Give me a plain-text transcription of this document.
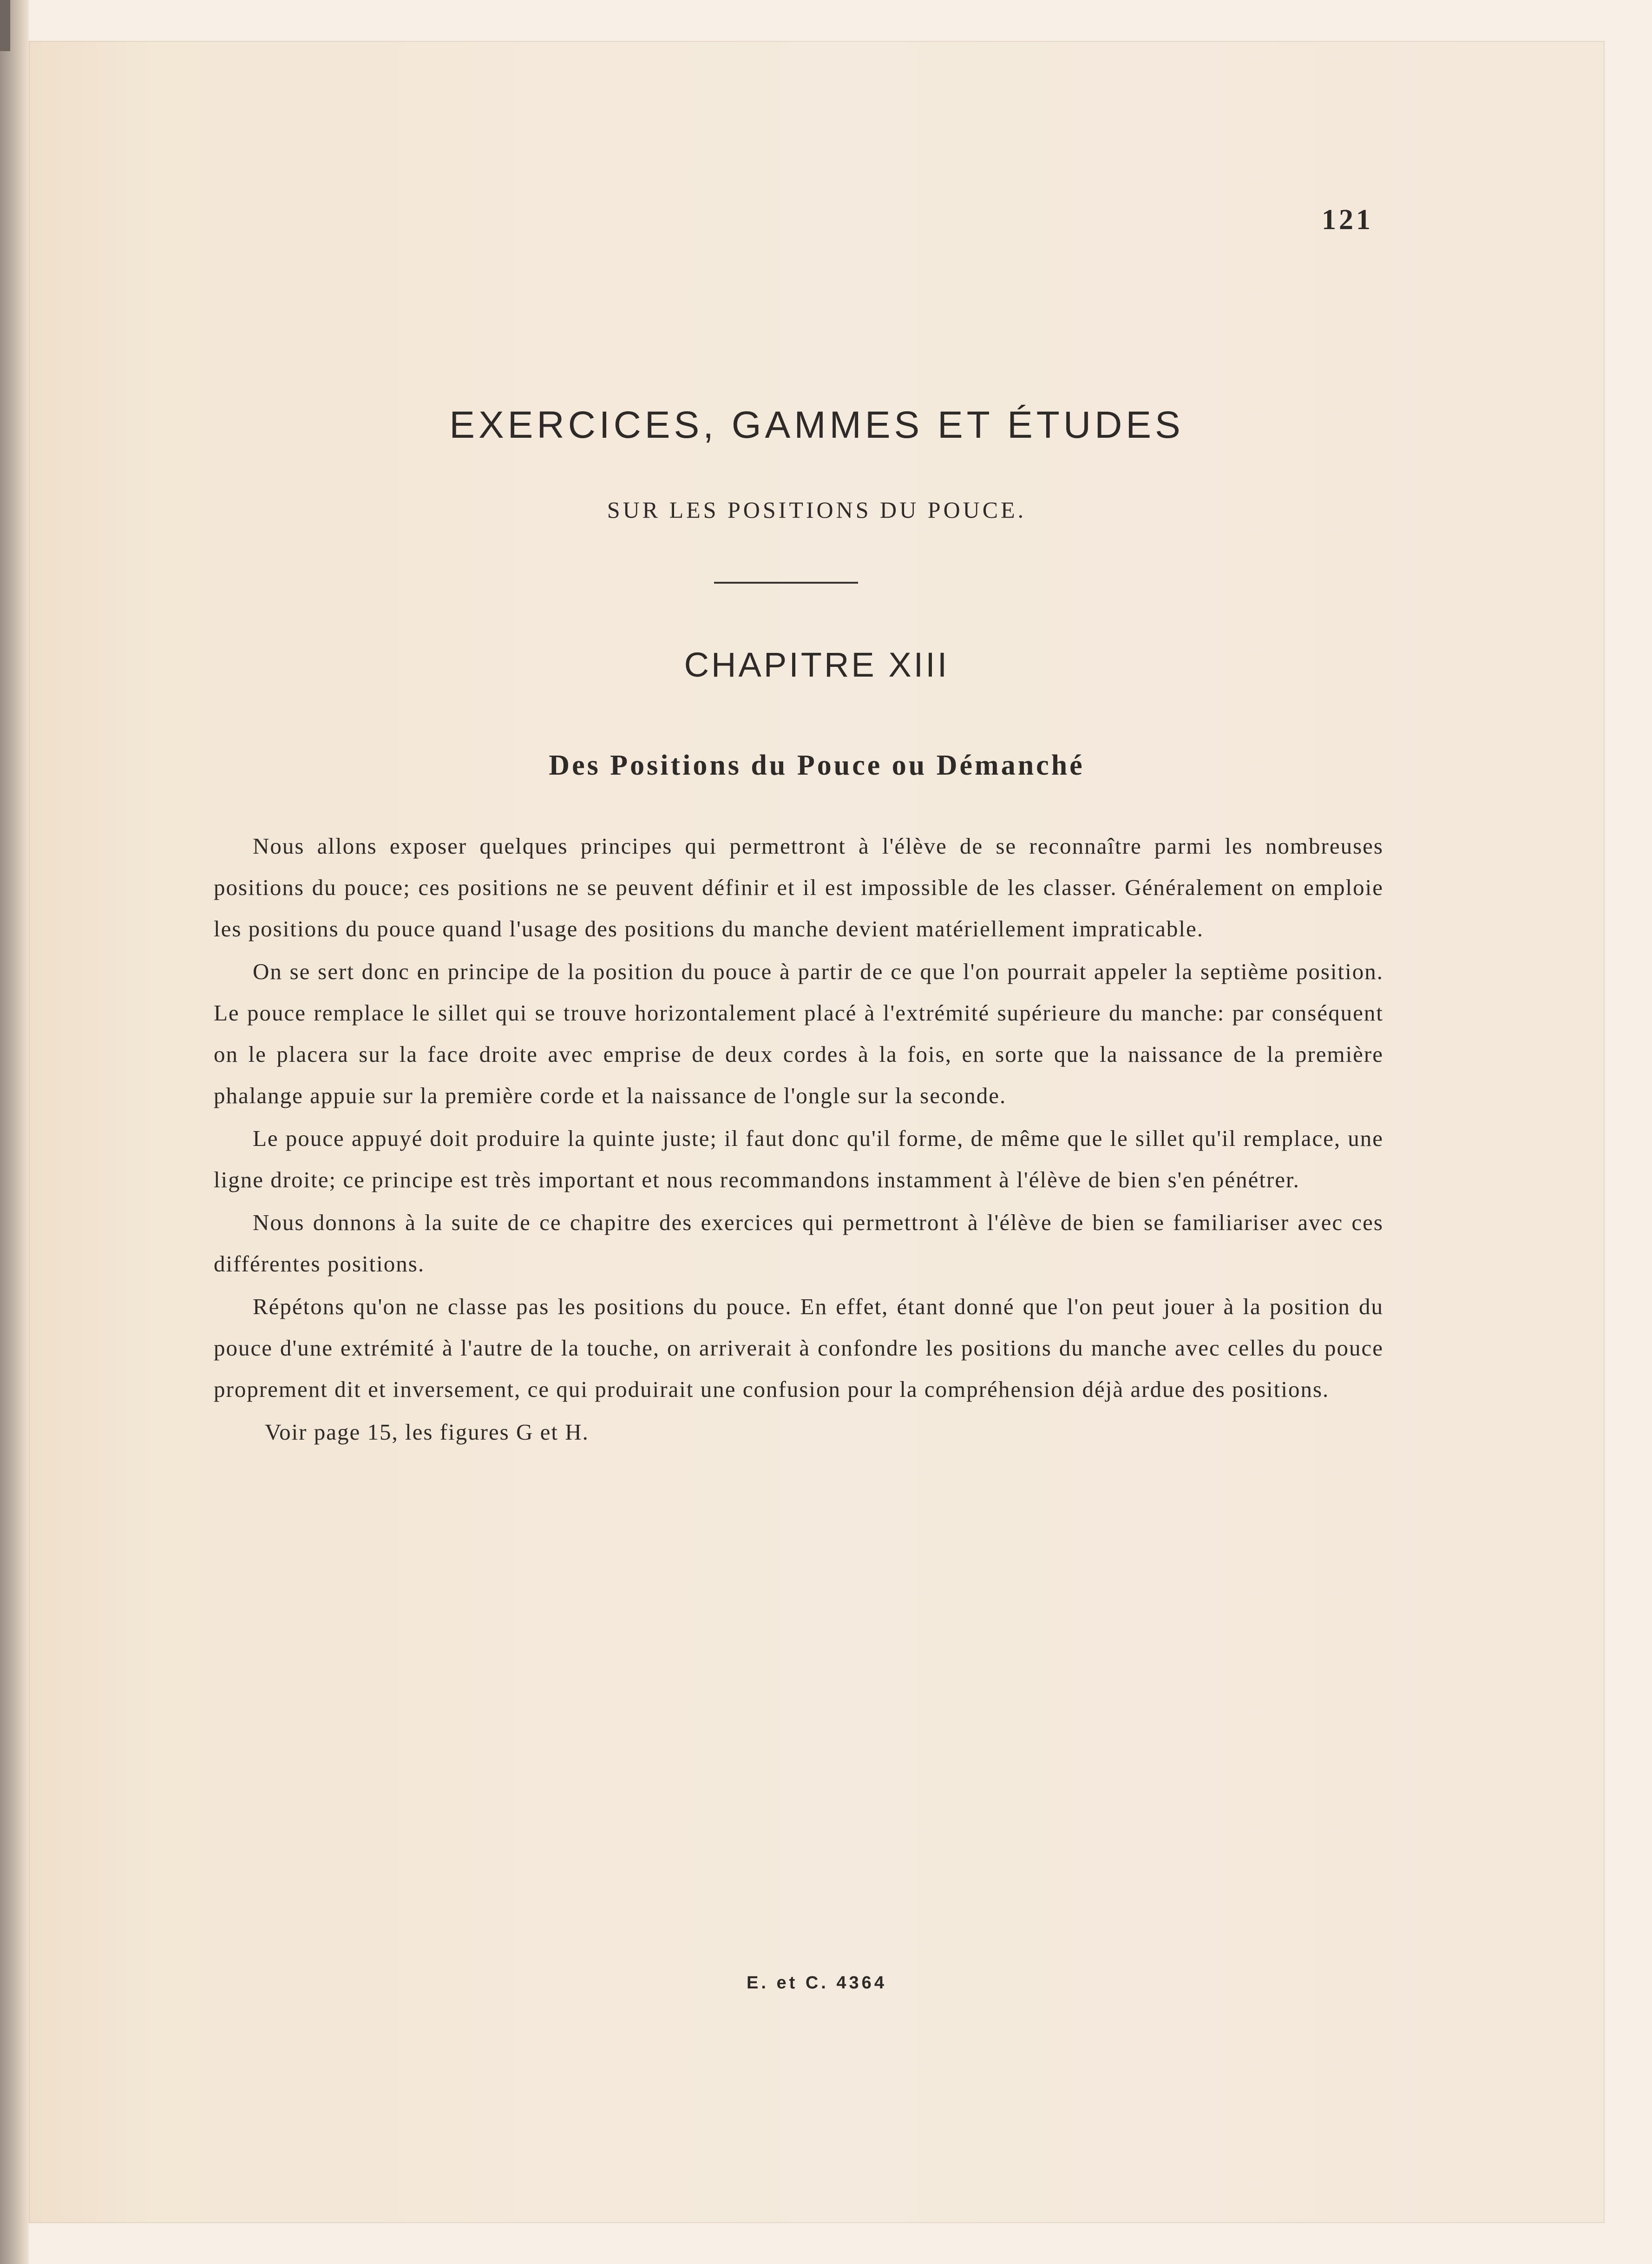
121
EXERCICES, GAMMES ET ÉTUDES
SUR LES POSITIONS DU POUCE.
CHAPITRE XIII
Des Positions du Pouce ou Démanché

Nous allons exposer quelques principes qui permettront à l'élève de se reconnaître parmi les nombreuses positions du pouce; ces positions ne se peuvent définir et il est impossible de les classer. Généralement on emploie les positions du pouce quand l'usage des positions du manche devient matériellement impraticable.

On se sert donc en principe de la position du pouce à partir de ce que l'on pourrait appeler la septième position. Le pouce remplace le sillet qui se trouve horizontalement placé à l'extrémité supérieure du manche: par conséquent on le placera sur la face droite avec emprise de deux cordes à la fois, en sorte que la naissance de la première phalange appuie sur la première corde et la naissance de l'ongle sur la seconde.

Le pouce appuyé doit produire la quinte juste; il faut donc qu'il forme, de même que le sillet qu'il remplace, une ligne droite; ce principe est très important et nous recommandons instamment à l'élève de bien s'en pénétrer.

Nous donnons à la suite de ce chapitre des exercices qui permettront à l'élève de bien se familiariser avec ces différentes positions.

Répétons qu'on ne classe pas les positions du pouce. En effet, étant donné que l'on peut jouer à la position du pouce d'une extrémité à l'autre de la touche, on arriverait à confondre les positions du manche avec celles du pouce proprement dit et inversement, ce qui produirait une confusion pour la compréhension déjà ardue des positions.

Voir page 15, les figures G et H.

E. et C. 4364
